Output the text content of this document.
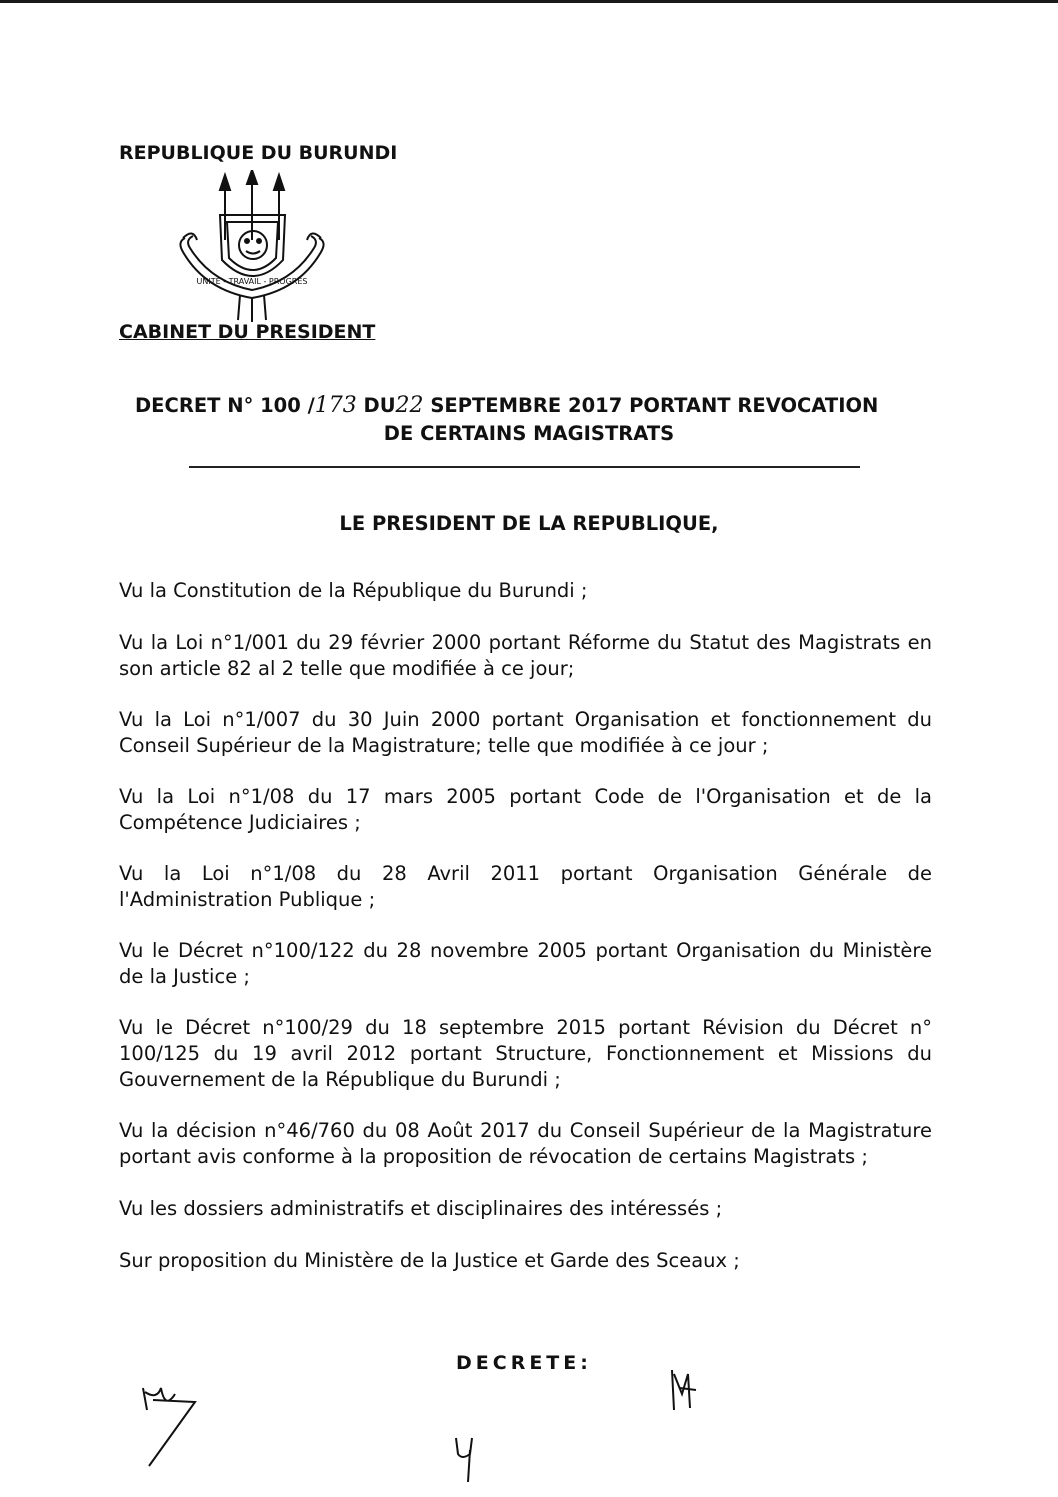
REPUBLIQUE DU BURUNDI
UNITE - TRAVAIL - PROGRES
CABINET DU PRESIDENT
DECRET N° 100 /173 DU22 SEPTEMBRE 2017 PORTANT REVOCATION
DE CERTAINS MAGISTRATS
LE PRESIDENT DE LA REPUBLIQUE,
Vu la Constitution de la République du Burundi ;
Vu la Loi n°1/001 du 29 février 2000 portant Réforme du Statut des Magistrats en son article 82 al 2 telle que modifiée à ce jour;
Vu la Loi n°1/007 du 30 Juin 2000 portant Organisation et fonctionnement du Conseil Supérieur de la Magistrature; telle que modifiée à ce jour ;
Vu la Loi n°1/08 du 17 mars 2005 portant Code de l'Organisation et de la Compétence Judiciaires ;
Vu la Loi n°1/08 du 28 Avril 2011 portant Organisation Générale de l'Administration Publique ;
Vu le Décret n°100/122 du 28 novembre 2005 portant Organisation du Ministère de la Justice ;
Vu le Décret n°100/29 du 18 septembre 2015 portant Révision du Décret n° 100/125 du 19 avril 2012 portant Structure, Fonctionnement et Missions du Gouvernement de la République du Burundi ;
Vu la décision n°46/760 du 08 Août 2017 du Conseil Supérieur de la Magistrature portant avis conforme à la proposition de révocation de certains Magistrats ;
Vu les dossiers administratifs et disciplinaires des intéressés ;
Sur proposition du Ministère de la Justice et Garde des Sceaux ;
DECRETE:
